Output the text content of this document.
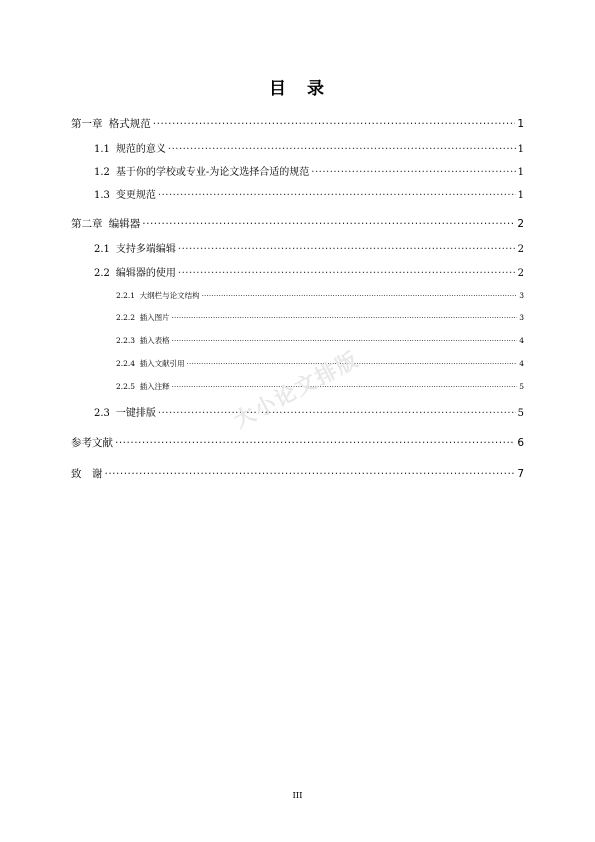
目　录
第一章 格式规范 .....	1
1.1 规范的意义 .....	1
1.2 基于你的学校或专业-为论文选择合适的规范 .....	1
1.3 变更规范 .....	1
第二章 编辑器 .....	2
2.1 支持多端编辑 .....	2
2.2 编辑器的使用 .....	2
2.2.1 大纲栏与论文结构 .....	3
2.2.2 插入图片 .....	3
2.2.3 插入表格 .....	4
2.2.4 插入文献引用 .....	4
2.2.5 插入注释 .....	5
2.3 一键排版 .....	5
参考文献 .....	6
致　谢 .....	7
大小论文排版
III
